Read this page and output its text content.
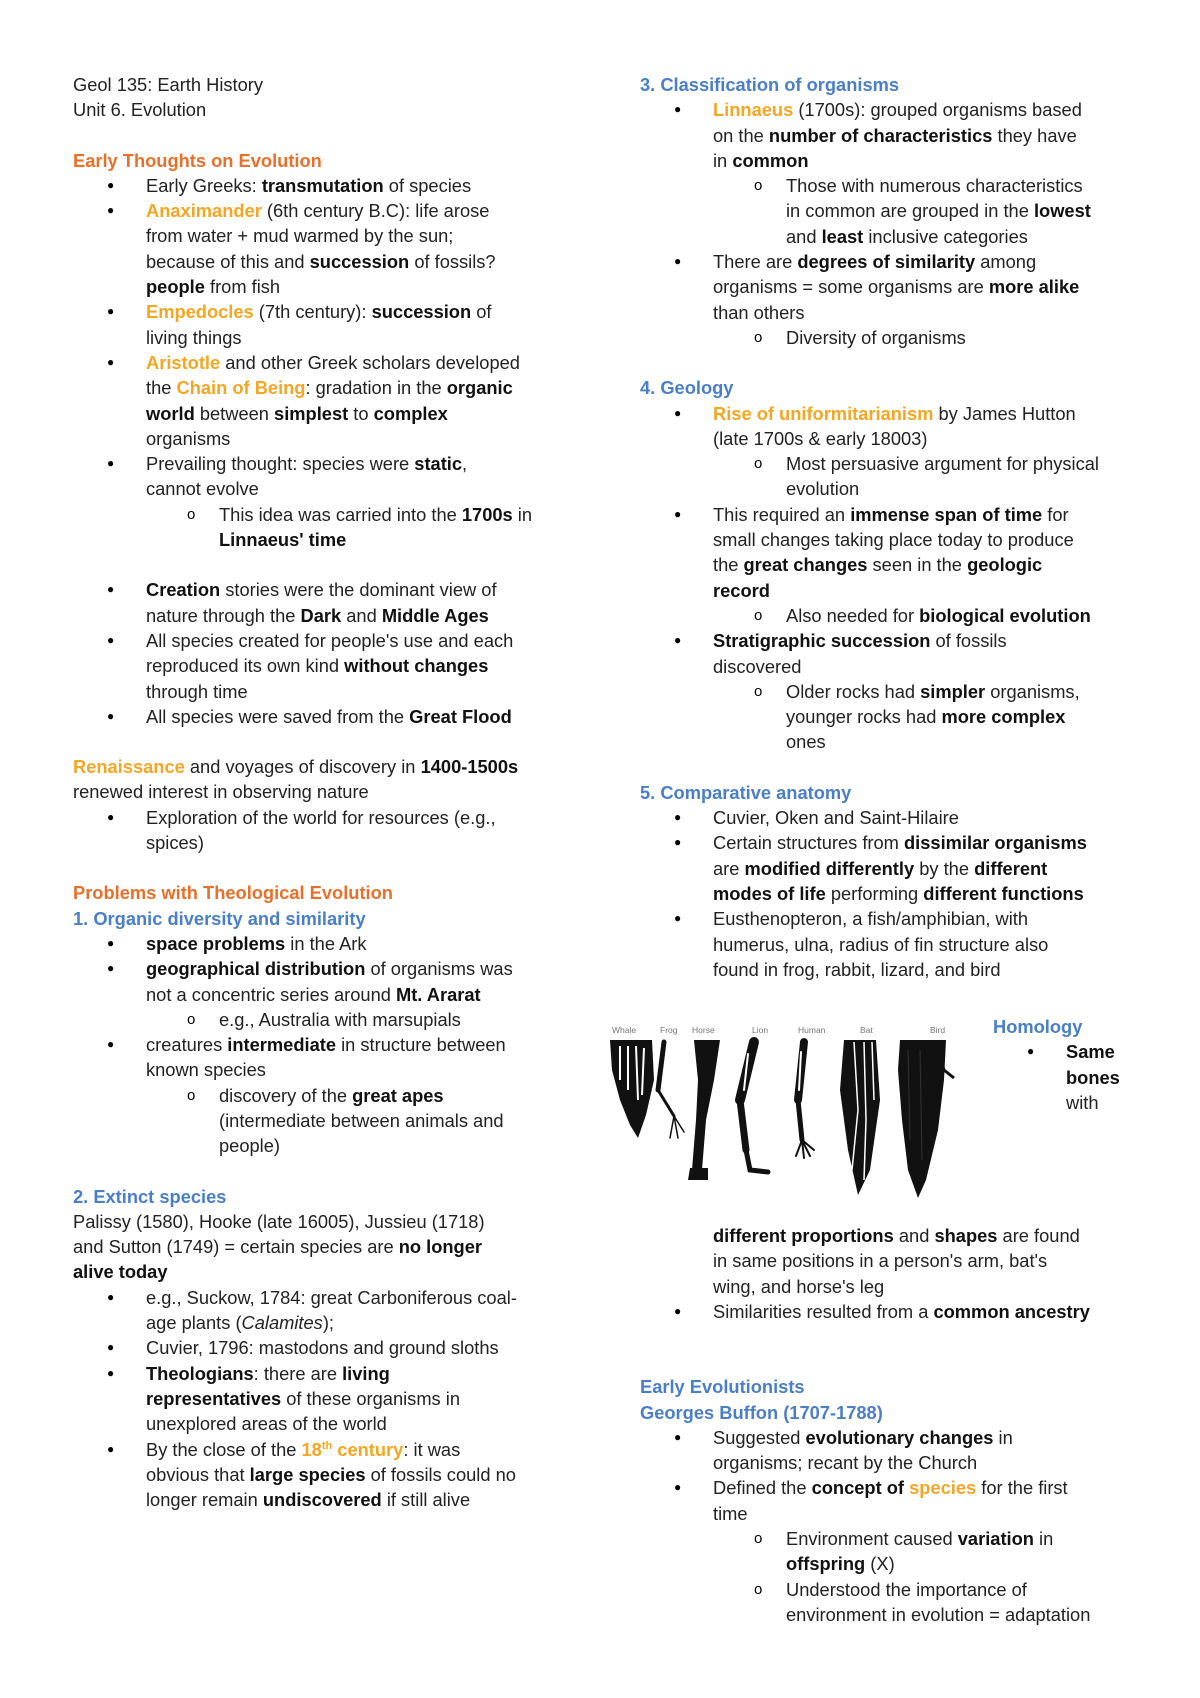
Geol 135: Earth History
Unit 6. Evolution
Early Thoughts on Evolution
● Early Greeks: transmutation of species
● Anaximander (6th century B.C): life arose
from water + mud warmed by the sun;
because of this and succession of fossils?
people from fish
● Empedocles (7th century): succession of
living things
● Aristotle and other Greek scholars developed
the Chain of Being: gradation in the organic
world between simplest to complex
organisms
● Prevailing thought: species were static,
cannot evolve
o This idea was carried into the 1700s in
Linnaeus' time
● Creation stories were the dominant view of
nature through the Dark and Middle Ages
● All species created for people's use and each
reproduced its own kind without changes
through time
● All species were saved from the Great Flood
Renaissance and voyages of discovery in 1400-1500s
renewed interest in observing nature
● Exploration of the world for resources (e.g.,
spices)
Problems with Theological Evolution
1. Organic diversity and similarity
● space problems in the Ark
● geographical distribution of organisms was
not a concentric series around Mt. Ararat
o e.g., Australia with marsupials
● creatures intermediate in structure between
known species
o discovery of the great apes
(intermediate between animals and
people)
2. Extinct species
Palissy (1580), Hooke (late 16005), Jussieu (1718)
and Sutton (1749) = certain species are no longer
alive today
● e.g., Suckow, 1784: great Carboniferous coal-
age plants (Calamites);
● Cuvier, 1796: mastodons and ground sloths
● Theologians: there are living
representatives of these organisms in
unexplored areas of the world
● By the close of the 18th century: it was
obvious that large species of fossils could no
longer remain undiscovered if still alive
3. Classification of organisms
● Linnaeus (1700s): grouped organisms based
on the number of characteristics they have
in common
o Those with numerous characteristics
in common are grouped in the lowest
and least inclusive categories
● There are degrees of similarity among
organisms = some organisms are more alike
than others
o Diversity of organisms
4. Geology
● Rise of uniformitarianism by James Hutton
(late 1700s & early 18003)
o Most persuasive argument for physical
evolution
● This required an immense span of time for
small changes taking place today to produce
the great changes seen in the geologic
record
o Also needed for biological evolution
● Stratigraphic succession of fossils
discovered
o Older rocks had simpler organisms,
younger rocks had more complex
ones
5. Comparative anatomy
● Cuvier, Oken and Saint-Hilaire
● Certain structures from dissimilar organisms
are modified differently by the different
modes of life performing different functions
● Eusthenopteron, a fish/amphibian, with
humerus, ulna, radius of fin structure also
found in frog, rabbit, lizard, and bird
different proportions and shapes are found
in same positions in a person's arm, bat's
wing, and horse's leg
● Similarities resulted from a common ancestry
Early Evolutionists
Georges Buffon (1707-1788)
● Suggested evolutionary changes in
organisms; recant by the Church
● Defined the concept of species for the first
time
o Environment caused variation in
offspring (X)
o Understood the importance of
environment in evolution = adaptation
Whale	Frog Horse	Lion	Human	Bat	Bird	Homology
● Same
bones
with
